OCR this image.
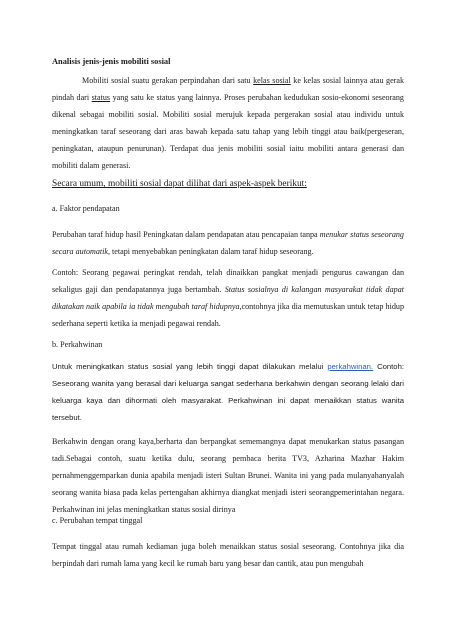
Analisis jenis-jenis mobiliti sosial

Mobiliti sosial suatu gerakan perpindahan dari satu kelas sosial ke kelas sosial lainnya atau gerak pindah dari status yang satu ke status yang lainnya. Proses perubahan kedudukan sosio-ekonomi seseorang dikenal sebagai mobiliti sosial. Mobiliti sosial merujuk kepada pergerakan sosial atau individu untuk meningkatkan taraf seseorang dari aras bawah kepada satu tahap yang lebih tinggi atau baik(pergeseran, peningkatan, ataupun penurunan). Terdapat dua jenis mobiliti sosial iaitu mobiliti antara generasi dan mobiliti dalam generasi.

Secara umum, mobiliti sosial dapat dilihat dari aspek-aspek berikut:

a. Faktor pendapatan

Perubahan taraf hidup hasil Peningkatan dalam pendapatan atau pencapaian tanpa menukar status seseorang secara automatik, tetapi menyebabkan peningkatan dalam taraf hidup seseorang.

Contoh: Seorang pegawai peringkat rendah, telah dinaikkan pangkat menjadi pengurus cawangan dan sekaligus gaji dan pendapatannya juga bertambah. Status sosialnya di kalangan masyarakat tidak dapat dikatakan naik apabila ia tidak mengubah taraf hidupnya,contohnya jika dia memutuskan untuk tetap hidup sederhana seperti ketika ia menjadi pegawai rendah.

b. Perkahwinan

Untuk meningkatkan status sosial yang lebih tinggi dapat dilakukan melalui perkahwinan. Contoh: Seseorang wanita yang berasal dari keluarga sangat sederhana berkahwin dengan seorang lelaki dari keluarga kaya dan dihormati oleh masyarakat. Perkahwinan ini dapat menaikkan status wanita tersebut.

Berkahwin dengan orang kaya,berharta dan berpangkat sememangnya dapat menukarkan status pasangan tadi.Sebagai contoh, suatu ketika dulu, seorang pembaca berita TV3, Azharina Mazhar Hakim pernahmenggemparkan dunia apabila menjadi isteri Sultan Brunei. Wanita ini yang pada mulanyahanyalah seorang wanita biasa pada kelas pertengahan akhirnya diangkat menjadi isteri seorangpemerintahan negara. Perkahwinan ini jelas meningkatkan status sosial dirinya

c. Perubahan tempat tinggal

Tempat tinggal atau rumah kediaman juga boleh menaikkan status sosial seseorang. Contohnya jika dia berpindah dari rumah lama yang kecil ke rumah baru yang besar dan cantik, atau pun mengubah
